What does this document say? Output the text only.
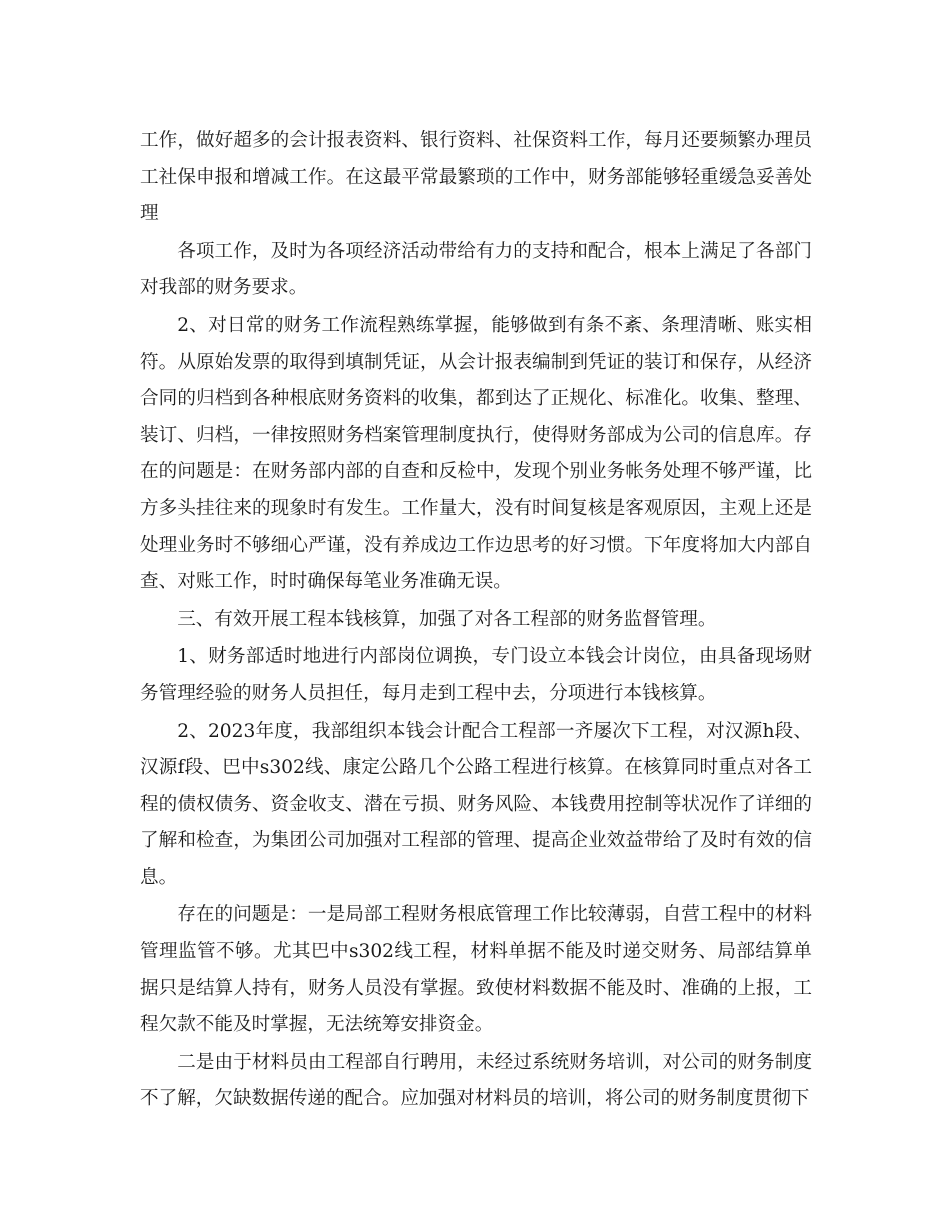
工作，做好超多的会计报表资料、银行资料、社保资料工作，每月还要频繁办理员工社保申报和增减工作。在这最平常最繁琐的工作中，财务部能够轻重缓急妥善处理

各项工作，及时为各项经济活动带给有力的支持和配合，根本上满足了各部门对我部的财务要求。

2、对日常的财务工作流程熟练掌握，能够做到有条不紊、条理清晰、账实相符。从原始发票的取得到填制凭证，从会计报表编制到凭证的装订和保存，从经济合同的归档到各种根底财务资料的收集，都到达了正规化、标准化。收集、整理、装订、归档，一律按照财务档案管理制度执行，使得财务部成为公司的信息库。存在的问题是：在财务部内部的自查和反检中，发现个别业务帐务处理不够严谨，比方多头挂往来的现象时有发生。工作量大，没有时间复核是客观原因，主观上还是处理业务时不够细心严谨，没有养成边工作边思考的好习惯。下年度将加大内部自查、对账工作，时时确保每笔业务准确无误。

三、有效开展工程本钱核算，加强了对各工程部的财务监督管理。

1、财务部适时地进行内部岗位调换，专门设立本钱会计岗位，由具备现场财务管理经验的财务人员担任，每月走到工程中去，分项进行本钱核算。

2、2023年度，我部组织本钱会计配合工程部一齐屡次下工程，对汉源h段、汉源f段、巴中s302线、康定公路几个公路工程进行核算。在核算同时重点对各工程的债权债务、资金收支、潜在亏损、财务风险、本钱费用控制等状况作了详细的了解和检查，为集团公司加强对工程部的管理、提高企业效益带给了及时有效的信息。

存在的问题是：一是局部工程财务根底管理工作比较薄弱，自营工程中的材料管理监管不够。尤其巴中s302线工程，材料单据不能及时递交财务、局部结算单据只是结算人持有，财务人员没有掌握。致使材料数据不能及时、准确的上报，工程欠款不能及时掌握，无法统筹安排资金。

二是由于材料员由工程部自行聘用，未经过系统财务培训，对公司的财务制度不了解，欠缺数据传递的配合。应加强对材料员的培训，将公司的财务制度贯彻下
